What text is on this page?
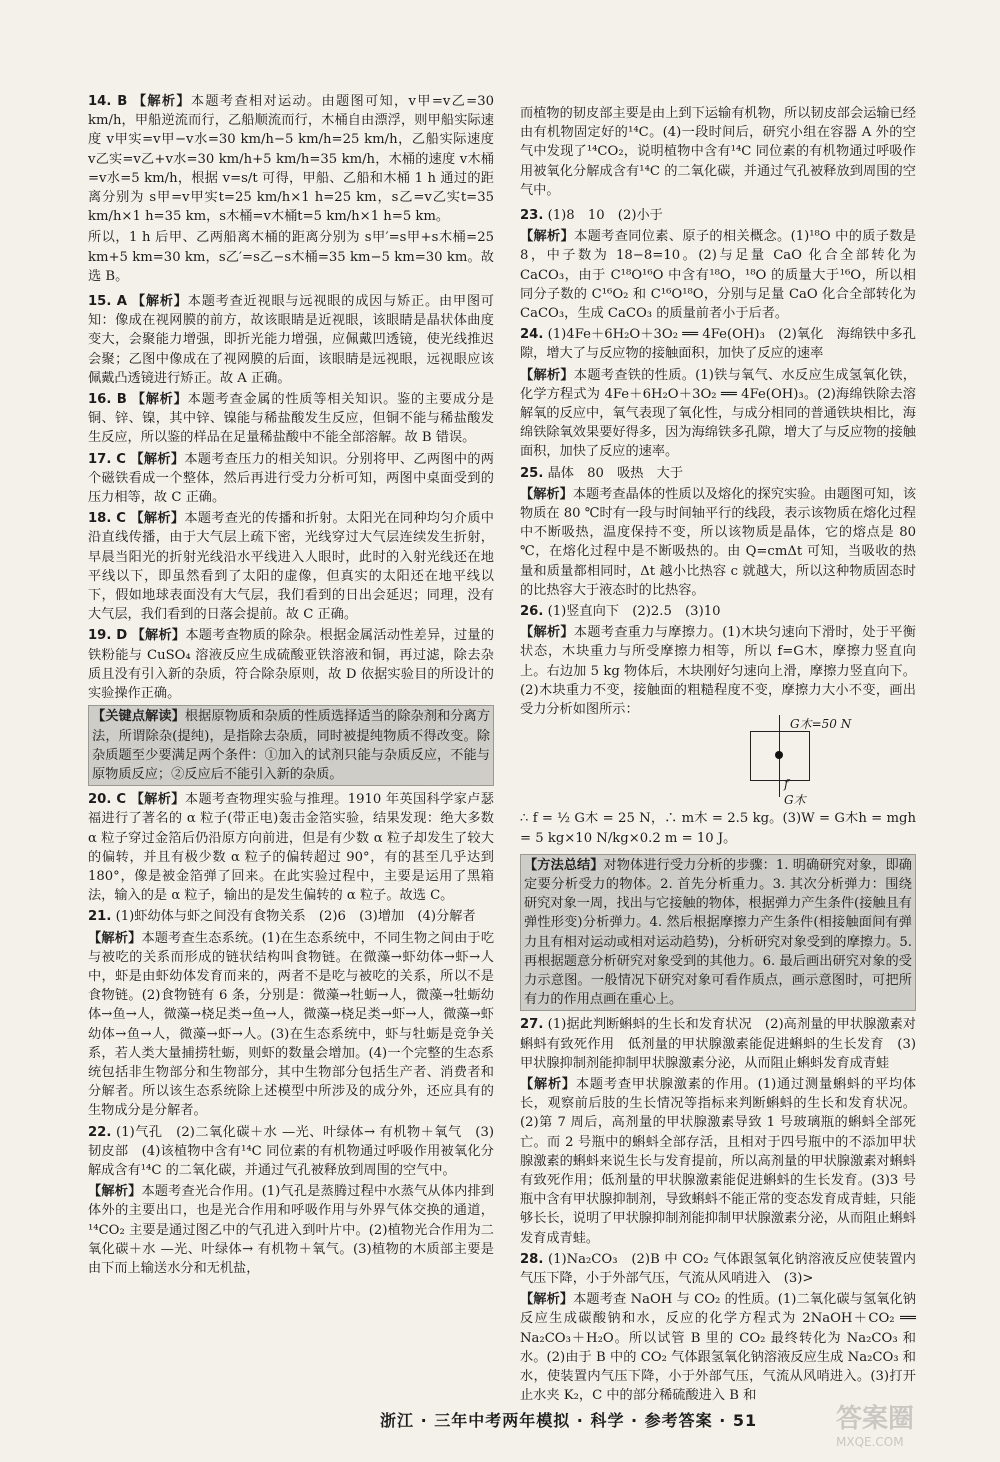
14. B 【解析】本题考查相对运动。由题图可知，v甲=v乙=30 km/h，甲船逆流而行，乙船顺流而行，木桶自由漂浮，则甲船实际速度 v甲实=v甲−v水=30 km/h−5 km/h=25 km/h，乙船实际速度 v乙实=v乙+v水=30 km/h+5 km/h=35 km/h，木桶的速度 v木桶=v水=5 km/h，根据 v=s/t 可得，甲船、乙船和木桶 1 h 通过的距离分别为 s甲=v甲实t=25 km/h×1 h=25 km，s乙=v乙实t=35 km/h×1 h=35 km，s木桶=v木桶t=5 km/h×1 h=5 km。
所以，1 h 后甲、乙两船离木桶的距离分别为 s甲′=s甲+s木桶=25 km+5 km=30 km，s乙′=s乙−s木桶=35 km−5 km=30 km。故选 B。
15. A 【解析】本题考查近视眼与远视眼的成因与矫正。由甲图可知：像成在视网膜的前方，故该眼睛是近视眼，该眼睛是晶状体曲度变大，会聚能力增强，即折光能力增强，应佩戴凹透镜，使光线推迟会聚；乙图中像成在了视网膜的后面，该眼睛是远视眼，远视眼应该佩戴凸透镜进行矫正。故 A 正确。
16. B 【解析】本题考查金属的性质等相关知识。鉴的主要成分是铜、锌、镍，其中锌、镍能与稀盐酸发生反应，但铜不能与稀盐酸发生反应，所以鉴的样品在足量稀盐酸中不能全部溶解。故 B 错误。
17. C 【解析】本题考查压力的相关知识。分别将甲、乙两图中的两个磁铁看成一个整体，然后再进行受力分析可知，两图中桌面受到的压力相等，故 C 正确。
18. C 【解析】本题考查光的传播和折射。太阳光在同种均匀介质中沿直线传播，由于大气层上疏下密，光线穿过大气层连续发生折射，早晨当阳光的折射光线沿水平线进入人眼时，此时的入射光线还在地平线以下，即虽然看到了太阳的虚像，但真实的太阳还在地平线以下，假如地球表面没有大气层，我们看到的日出会延迟；同理，没有大气层，我们看到的日落会提前。故 C 正确。
19. D 【解析】本题考查物质的除杂。根据金属活动性差异，过量的铁粉能与 CuSO₄ 溶液反应生成硫酸亚铁溶液和铜，再过滤，除去杂质且没有引入新的杂质，符合除杂原则，故 D 依据实验目的所设计的实验操作正确。
【关键点解读】根据原物质和杂质的性质选择适当的除杂剂和分离方法，所谓除杂(提纯)，是指除去杂质，同时被提纯物质不得改变。除杂质题至少要满足两个条件：①加入的试剂只能与杂质反应，不能与原物质反应；②反应后不能引入新的杂质。
20. C 【解析】本题考查物理实验与推理。1910 年英国科学家卢瑟福进行了著名的 α 粒子(带正电)轰击金箔实验，结果发现：绝大多数 α 粒子穿过金箔后仍沿原方向前进，但是有少数 α 粒子却发生了较大的偏转，并且有极少数 α 粒子的偏转超过 90°，有的甚至几乎达到 180°，像是被金箔弹了回来。在此实验过程中，主要是运用了黑箱法，输入的是 α 粒子，输出的是发生偏转的 α 粒子。故选 C。
21. (1)虾幼体与虾之间没有食物关系　(2)6　(3)增加　(4)分解者
【解析】本题考查生态系统。(1)在生态系统中，不同生物之间由于吃与被吃的关系而形成的链状结构叫食物链。在微藻→虾幼体→虾→人中，虾是由虾幼体发育而来的，两者不是吃与被吃的关系，所以不是食物链。(2)食物链有 6 条，分别是：微藻→牡蛎→人，微藻→牡蛎幼体→鱼→人，微藻→桡足类→鱼→人，微藻→桡足类→虾→人，微藻→虾幼体→鱼→人，微藻→虾→人。(3)在生态系统中，虾与牡蛎是竞争关系，若人类大量捕捞牡蛎，则虾的数量会增加。(4)一个完整的生态系统包括非生物部分和生物部分，其中生物部分包括生产者、消费者和分解者。所以该生态系统除上述模型中所涉及的成分外，还应具有的生物成分是分解者。
22. (1)气孔　(2)二氧化碳＋水 —光、叶绿体→ 有机物＋氧气　(3)韧皮部　(4)该植物中含有¹⁴C 同位素的有机物通过呼吸作用被氧化分解成含有¹⁴C 的二氧化碳，并通过气孔被释放到周围的空气中。
【解析】本题考查光合作用。(1)气孔是蒸腾过程中水蒸气从体内排到体外的主要出口，也是光合作用和呼吸作用与外界气体交换的通道，¹⁴CO₂ 主要是通过图乙中的气孔进入到叶片中。(2)植物光合作用为二氧化碳＋水 —光、叶绿体→ 有机物＋氧气。(3)植物的木质部主要是由下而上输送水分和无机盐，
而植物的韧皮部主要是由上到下运输有机物，所以韧皮部会运输已经由有机物固定好的¹⁴C。(4)一段时间后，研究小组在容器 A 外的空气中发现了¹⁴CO₂，说明植物中含有¹⁴C 同位素的有机物通过呼吸作用被氧化分解成含有¹⁴C 的二氧化碳，并通过气孔被释放到周围的空气中。
23. (1)8　10　(2)小于
【解析】本题考查同位素、原子的相关概念。(1)¹⁸O 中的质子数是 8，中子数为 18−8=10。(2)与足量 CaO 化合全部转化为 CaCO₃，由于 C¹⁸O¹⁶O 中含有¹⁸O，¹⁸O 的质量大于¹⁶O，所以相同分子数的 C¹⁶O₂ 和 C¹⁶O¹⁸O，分别与足量 CaO 化合全部转化为 CaCO₃，生成 CaCO₃ 的质量前者小于后者。
24. (1)4Fe＋6H₂O＋3O₂ ══ 4Fe(OH)₃　(2)氧化　海绵铁中多孔隙，增大了与反应物的接触面积，加快了反应的速率
【解析】本题考查铁的性质。(1)铁与氧气、水反应生成氢氧化铁，化学方程式为 4Fe＋6H₂O＋3O₂ ══ 4Fe(OH)₃。(2)海绵铁除去溶解氧的反应中，氧气表现了氧化性，与成分相同的普通铁块相比，海绵铁除氧效果要好得多，因为海绵铁多孔隙，增大了与反应物的接触面积，加快了反应的速率。
25. 晶体　80　吸热　大于
【解析】本题考查晶体的性质以及熔化的探究实验。由题图可知，该物质在 80 ℃时有一段与时间轴平行的线段，表示该物质在熔化过程中不断吸热，温度保持不变，所以该物质是晶体，它的熔点是 80 ℃，在熔化过程中是不断吸热的。由 Q=cmΔt 可知，当吸收的热量和质量都相同时，Δt 越小比热容 c 就越大，所以这种物质固态时的比热容大于液态时的比热容。
26. (1)竖直向下　(2)2.5　(3)10
【解析】本题考查重力与摩擦力。(1)木块匀速向下滑时，处于平衡状态，木块重力与所受摩擦力相等，所以 f=G木，摩擦力竖直向上。右边加 5 kg 物体后，木块刚好匀速向上滑，摩擦力竖直向下。(2)木块重力不变，接触面的粗糙程度不变，摩擦力大小不变，画出受力分析如图所示：
G木=50 N
f
G木
∴ f = ½ G木 = 25 N，∴ m木 = 2.5 kg。(3)W = G木h = mgh = 5 kg×10 N/kg×0.2 m = 10 J。
【方法总结】对物体进行受力分析的步骤：1. 明确研究对象，即确定要分析受力的物体。2. 首先分析重力。3. 其次分析弹力：围绕研究对象一周，找出与它接触的物体，根据弹力产生条件(接触且有弹性形变)分析弹力。4. 然后根据摩擦力产生条件(相接触面间有弹力且有相对运动或相对运动趋势)，分析研究对象受到的摩擦力。5. 再根据题意分析研究对象受到的其他力。6. 最后画出研究对象的受力示意图。一般情况下研究对象可看作质点，画示意图时，可把所有力的作用点画在重心上。
27. (1)据此判断蝌蚪的生长和发育状况　(2)高剂量的甲状腺激素对蝌蚪有致死作用　低剂量的甲状腺激素能促进蝌蚪的生长发育　(3)甲状腺抑制剂能抑制甲状腺激素分泌，从而阻止蝌蚪发育成青蛙
【解析】本题考查甲状腺激素的作用。(1)通过测量蝌蚪的平均体长，观察前后肢的生长情况等指标来判断蝌蚪的生长和发育状况。(2)第 7 周后，高剂量的甲状腺激素导致 1 号玻璃瓶的蝌蚪全部死亡。而 2 号瓶中的蝌蚪全部存活，且相对于四号瓶中的不添加甲状腺激素的蝌蚪来说生长与发育提前，所以高剂量的甲状腺激素对蝌蚪有致死作用；低剂量的甲状腺激素能促进蝌蚪的生长发育。(3)3 号瓶中含有甲状腺抑制剂，导致蝌蚪不能正常的变态发育成青蛙，只能够长长，说明了甲状腺抑制剂能抑制甲状腺激素分泌，从而阻止蝌蚪发育成青蛙。
28. (1)Na₂CO₃　(2)B 中 CO₂ 气体跟氢氧化钠溶液反应使装置内气压下降，小于外部气压，气流从风哨进入　(3)>
【解析】本题考查 NaOH 与 CO₂ 的性质。(1)二氧化碳与氢氧化钠反应生成碳酸钠和水，反应的化学方程式为 2NaOH＋CO₂ ══ Na₂CO₃＋H₂O。所以试管 B 里的 CO₂ 最终转化为 Na₂CO₃ 和水。(2)由于 B 中的 CO₂ 气体跟氢氧化钠溶液反应生成 Na₂CO₃ 和水，使装置内气压下降，小于外部气压，气流从风哨进入。(3)打开止水夹 K₂，C 中的部分稀硫酸进入 B 和
浙江 · 三年中考两年模拟 · 科学 · 参考答案 · 51	答案圈
MXQE.COM
